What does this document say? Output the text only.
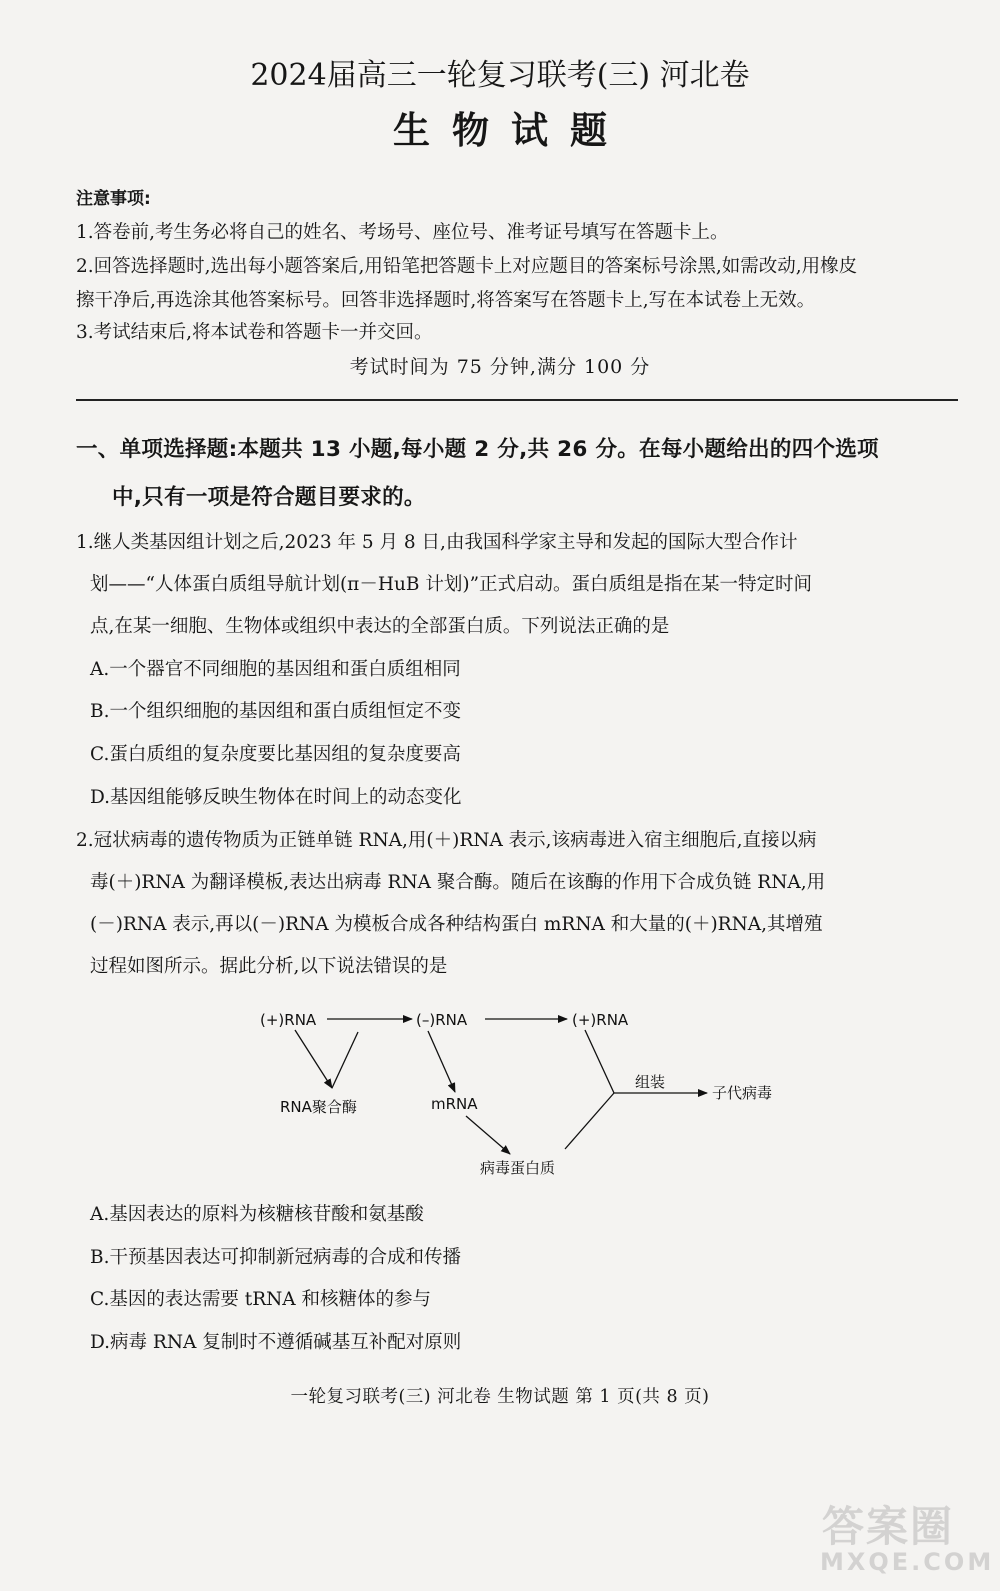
2024届高三一轮复习联考(三) 河北卷
生物试题
注意事项:
1.答卷前,考生务必将自己的姓名、考场号、座位号、准考证号填写在答题卡上。
2.回答选择题时,选出每小题答案后,用铅笔把答题卡上对应题目的答案标号涂黑,如需改动,用橡皮
擦干净后,再选涂其他答案标号。回答非选择题时,将答案写在答题卡上,写在本试卷上无效。
3.考试结束后,将本试卷和答题卡一并交回。
考试时间为 75 分钟,满分 100 分
一、单项选择题:本题共 13 小题,每小题 2 分,共 26 分。在每小题给出的四个选项
中,只有一项是符合题目要求的。
1.继人类基因组计划之后,2023 年 5 月 8 日,由我国科学家主导和发起的国际大型合作计
划——“人体蛋白质组导航计划(π－HuB 计划)”正式启动。蛋白质组是指在某一特定时间
点,在某一细胞、生物体或组织中表达的全部蛋白质。下列说法正确的是
A.一个器官不同细胞的基因组和蛋白质组相同
B.一个组织细胞的基因组和蛋白质组恒定不变
C.蛋白质组的复杂度要比基因组的复杂度要高
D.基因组能够反映生物体在时间上的动态变化
2.冠状病毒的遗传物质为正链单链 RNA,用(＋)RNA 表示,该病毒进入宿主细胞后,直接以病
毒(＋)RNA 为翻译模板,表达出病毒 RNA 聚合酶。随后在该酶的作用下合成负链 RNA,用
(－)RNA 表示,再以(－)RNA 为模板合成各种结构蛋白 mRNA 和大量的(＋)RNA,其增殖
过程如图所示。据此分析,以下说法错误的是
(+)RNA	(–)RNA	(+)RNA
RNA聚合酶	mRNA
病毒蛋白质
组装
子代病毒
A.基因表达的原料为核糖核苷酸和氨基酸
B.干预基因表达可抑制新冠病毒的合成和传播
C.基因的表达需要 tRNA 和核糖体的参与
D.病毒 RNA 复制时不遵循碱基互补配对原则
一轮复习联考(三) 河北卷 生物试题 第 1 页(共 8 页)
答案圈
MXQE.COM
